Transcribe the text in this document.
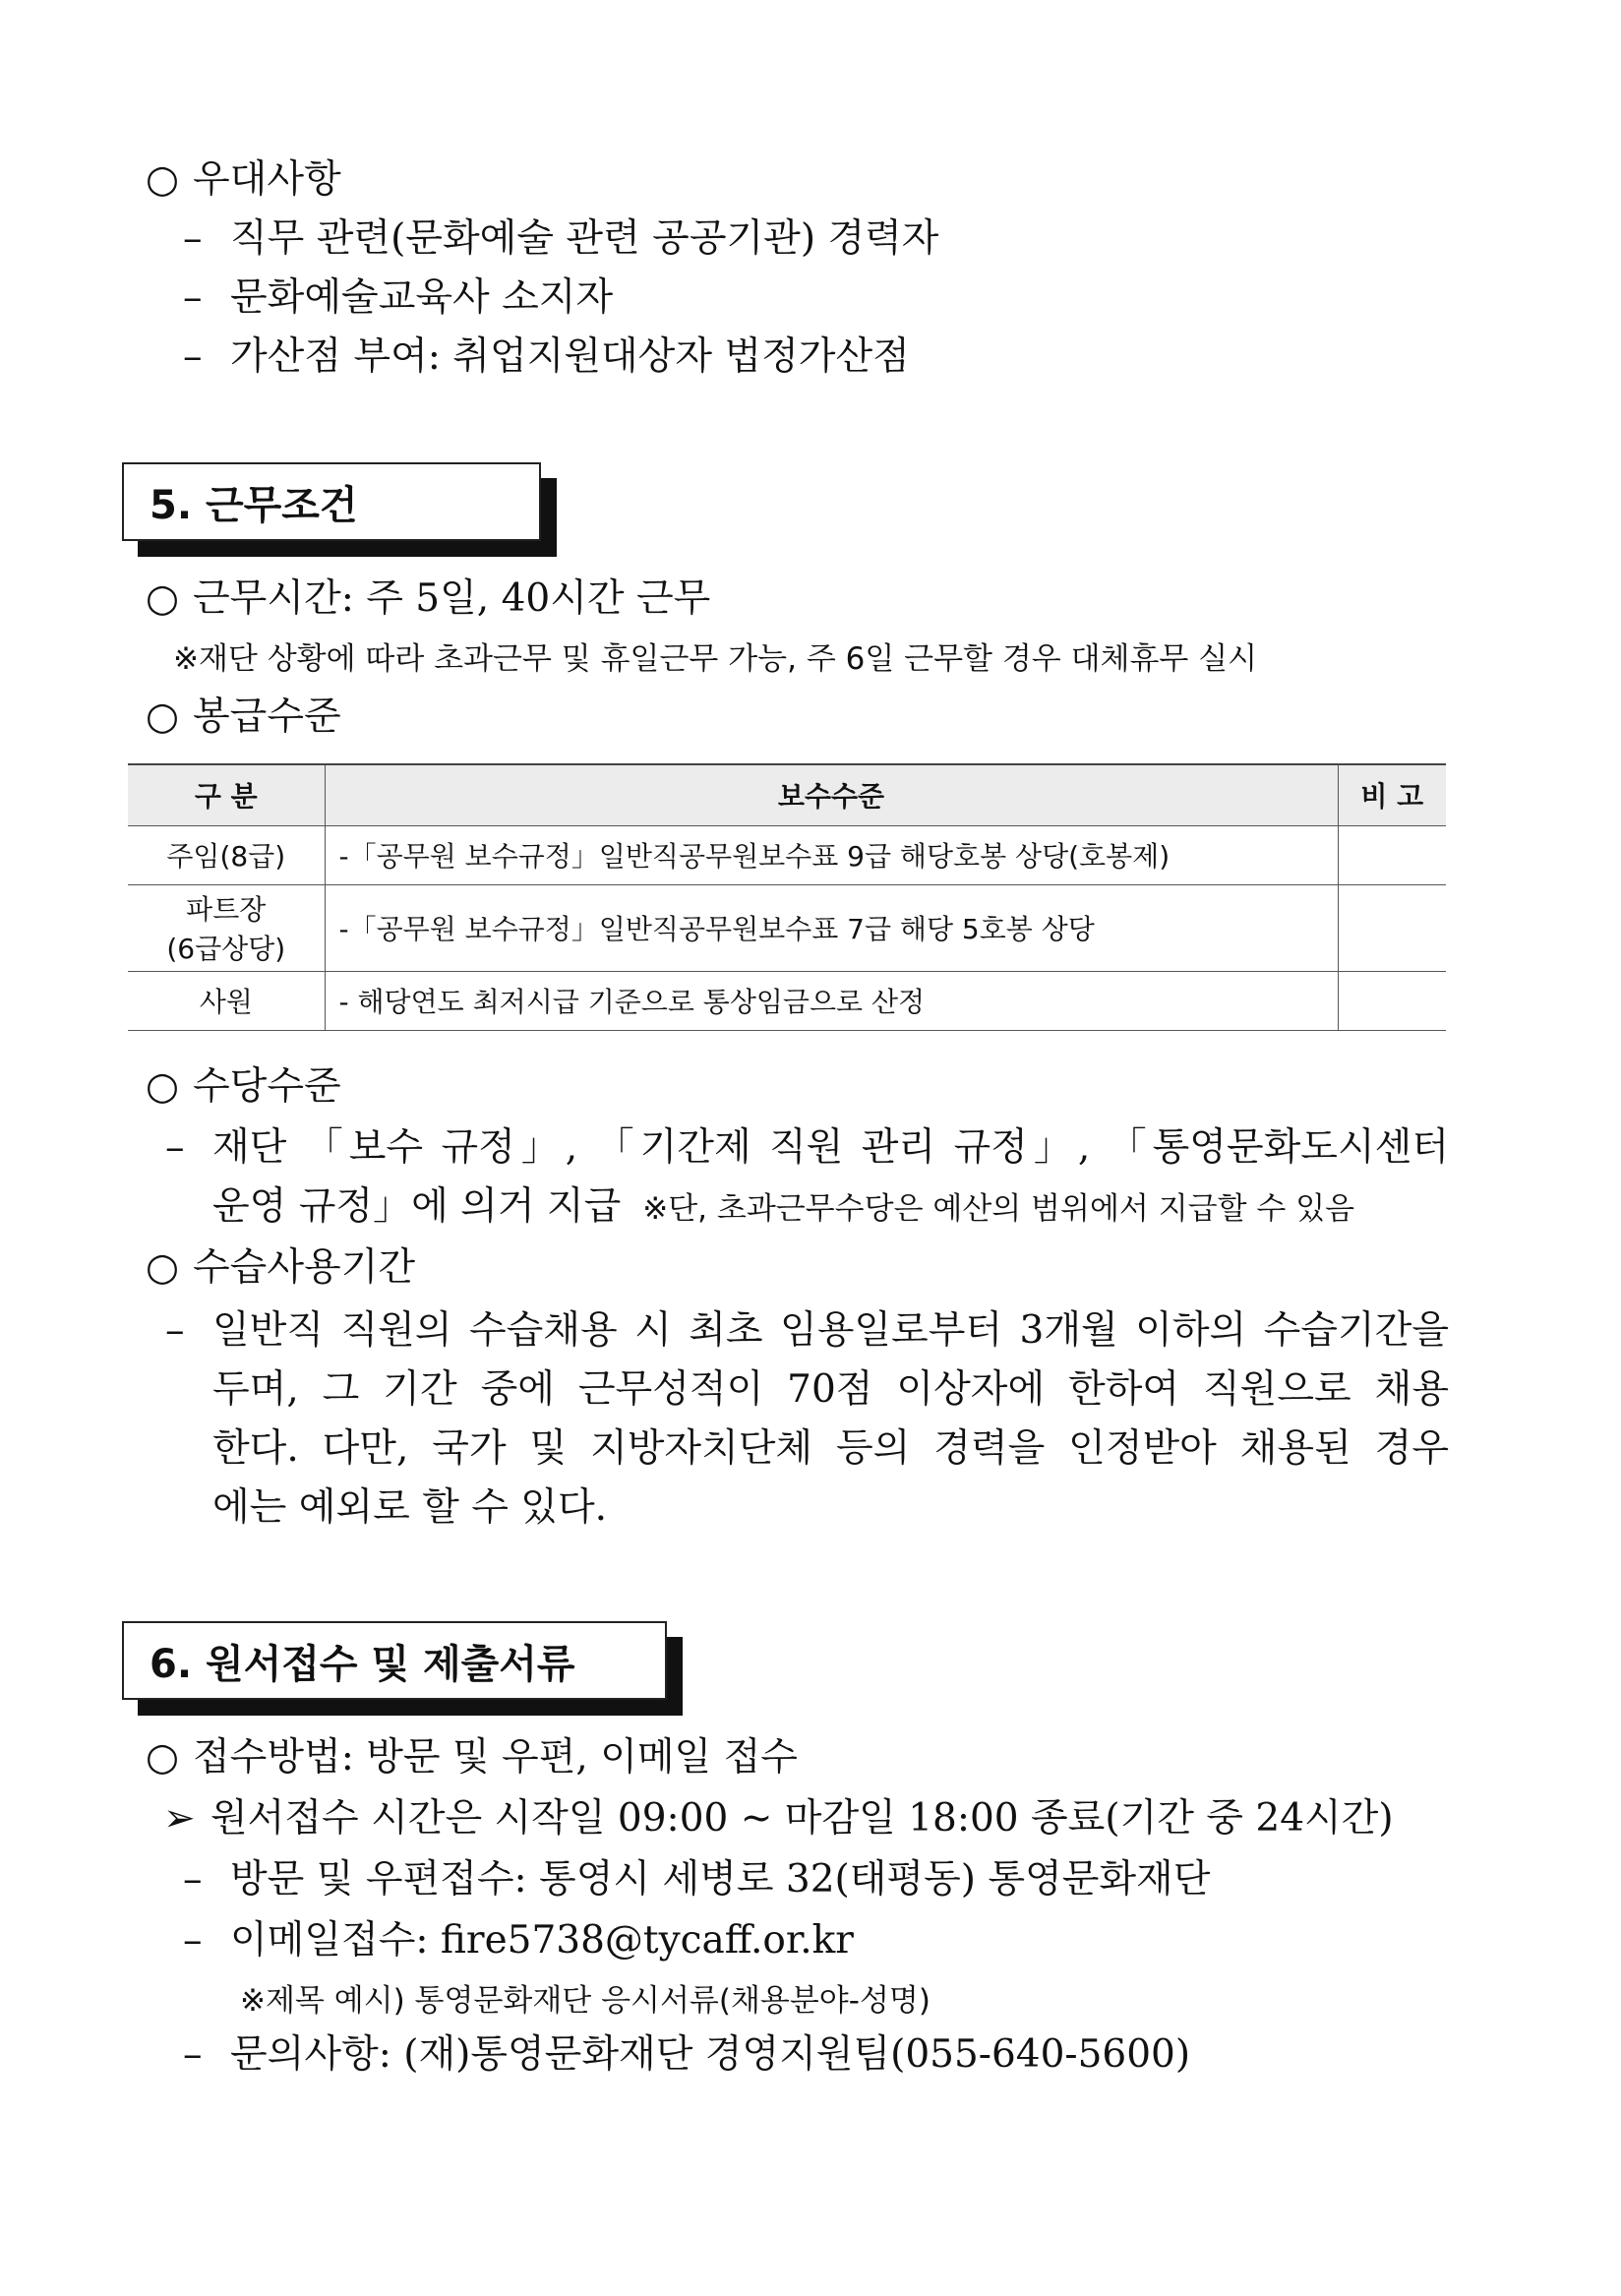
○ 우대사항
– 직무 관련(문화예술 관련 공공기관) 경력자
– 문화예술교육사 소지자
– 가산점 부여: 취업지원대상자 법정가산점
5. 근무조건
○ 근무시간: 주 5일, 40시간 근무
※재단 상황에 따라 초과근무 및 휴일근무 가능, 주 6일 근무할 경우 대체휴무 실시
○ 봉급수준
구 분	보수수준	비 고
주임(8급)	-「공무원 보수규정」일반직공무원보수표 9급 해당호봉 상당(호봉제)	

파트장
(6급상당)	-「공무원 보수규정」일반직공무원보수표 7급 해당 5호봉 상당	
사원	- 해당연도 최저시급 기준으로 통상임금으로 산정	
○ 수당수준
– 재단 「보수 규정」, 「기간제 직원 관리 규정」, 「통영문화도시센터
운영 규정」에 의거 지급 ※단, 초과근무수당은 예산의 범위에서 지급할 수 있음
○ 수습사용기간
– 일반직 직원의 수습채용 시 최초 임용일로부터 3개월 이하의 수습기간을
두며, 그 기간 중에 근무성적이 70점 이상자에 한하여 직원으로 채용
한다. 다만, 국가 및 지방자치단체 등의 경력을 인정받아 채용된 경우
에는 예외로 할 수 있다.
6. 원서접수 및 제출서류
○ 접수방법: 방문 및 우편, 이메일 접수
➢ 원서접수 시간은 시작일 09:00 ~ 마감일 18:00 종료(기간 중 24시간)
– 방문 및 우편접수: 통영시 세병로 32(태평동) 통영문화재단
– 이메일접수: fire5738@tycaff.or.kr
※제목 예시) 통영문화재단 응시서류(채용분야-성명)
– 문의사항: (재)통영문화재단 경영지원팀(055-640-5600)
